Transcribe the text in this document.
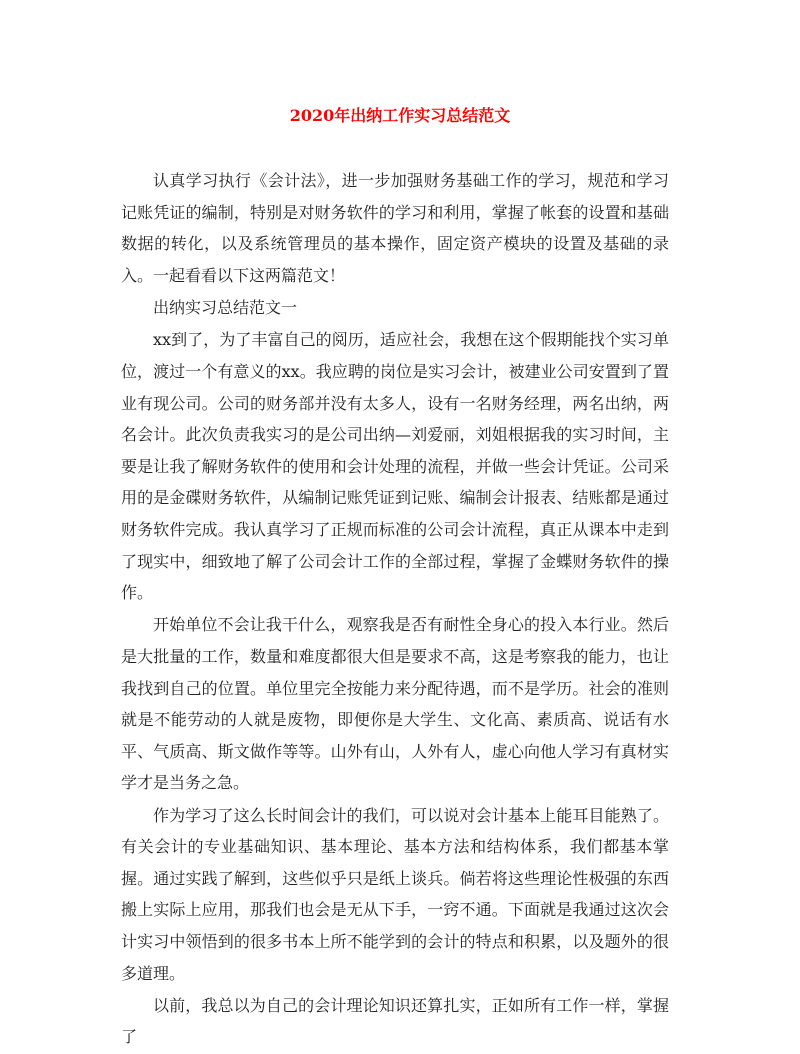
2020年出纳工作实习总结范文

认真学习执行《会计法》，进一步加强财务基础工作的学习，规范和学习记账凭证的编制，特别是对财务软件的学习和利用，掌握了帐套的设置和基础数据的转化，以及系统管理员的基本操作，固定资产模块的设置及基础的录入。一起看看以下这两篇范文！

出纳实习总结范文一

xx到了，为了丰富自己的阅历，适应社会，我想在这个假期能找个实习单位，渡过一个有意义的xx。我应聘的岗位是实习会计，被建业公司安置到了置业有现公司。公司的财务部并没有太多人，设有一名财务经理，两名出纳，两名会计。此次负责我实习的是公司出纳—刘爱丽，刘姐根据我的实习时间，主要是让我了解财务软件的使用和会计处理的流程，并做一些会计凭证。公司采用的是金碟财务软件，从编制记账凭证到记账、编制会计报表、结账都是通过财务软件完成。我认真学习了正规而标准的公司会计流程，真正从课本中走到了现实中，细致地了解了公司会计工作的全部过程，掌握了金蝶财务软件的操作。

开始单位不会让我干什么，观察我是否有耐性全身心的投入本行业。然后是大批量的工作，数量和难度都很大但是要求不高，这是考察我的能力，也让我找到自己的位置。单位里完全按能力来分配待遇，而不是学历。社会的准则就是不能劳动的人就是废物，即便你是大学生、文化高、素质高、说话有水平、气质高、斯文做作等等。山外有山，人外有人，虚心向他人学习有真材实学才是当务之急。

作为学习了这么长时间会计的我们，可以说对会计基本上能耳目能熟了。有关会计的专业基础知识、基本理论、基本方法和结构体系，我们都基本掌握。通过实践了解到，这些似乎只是纸上谈兵。倘若将这些理论性极强的东西搬上实际上应用，那我们也会是无从下手，一窍不通。下面就是我通过这次会计实习中领悟到的很多书本上所不能学到的会计的特点和积累，以及题外的很多道理。

以前，我总以为自己的会计理论知识还算扎实，正如所有工作一样，掌握了
